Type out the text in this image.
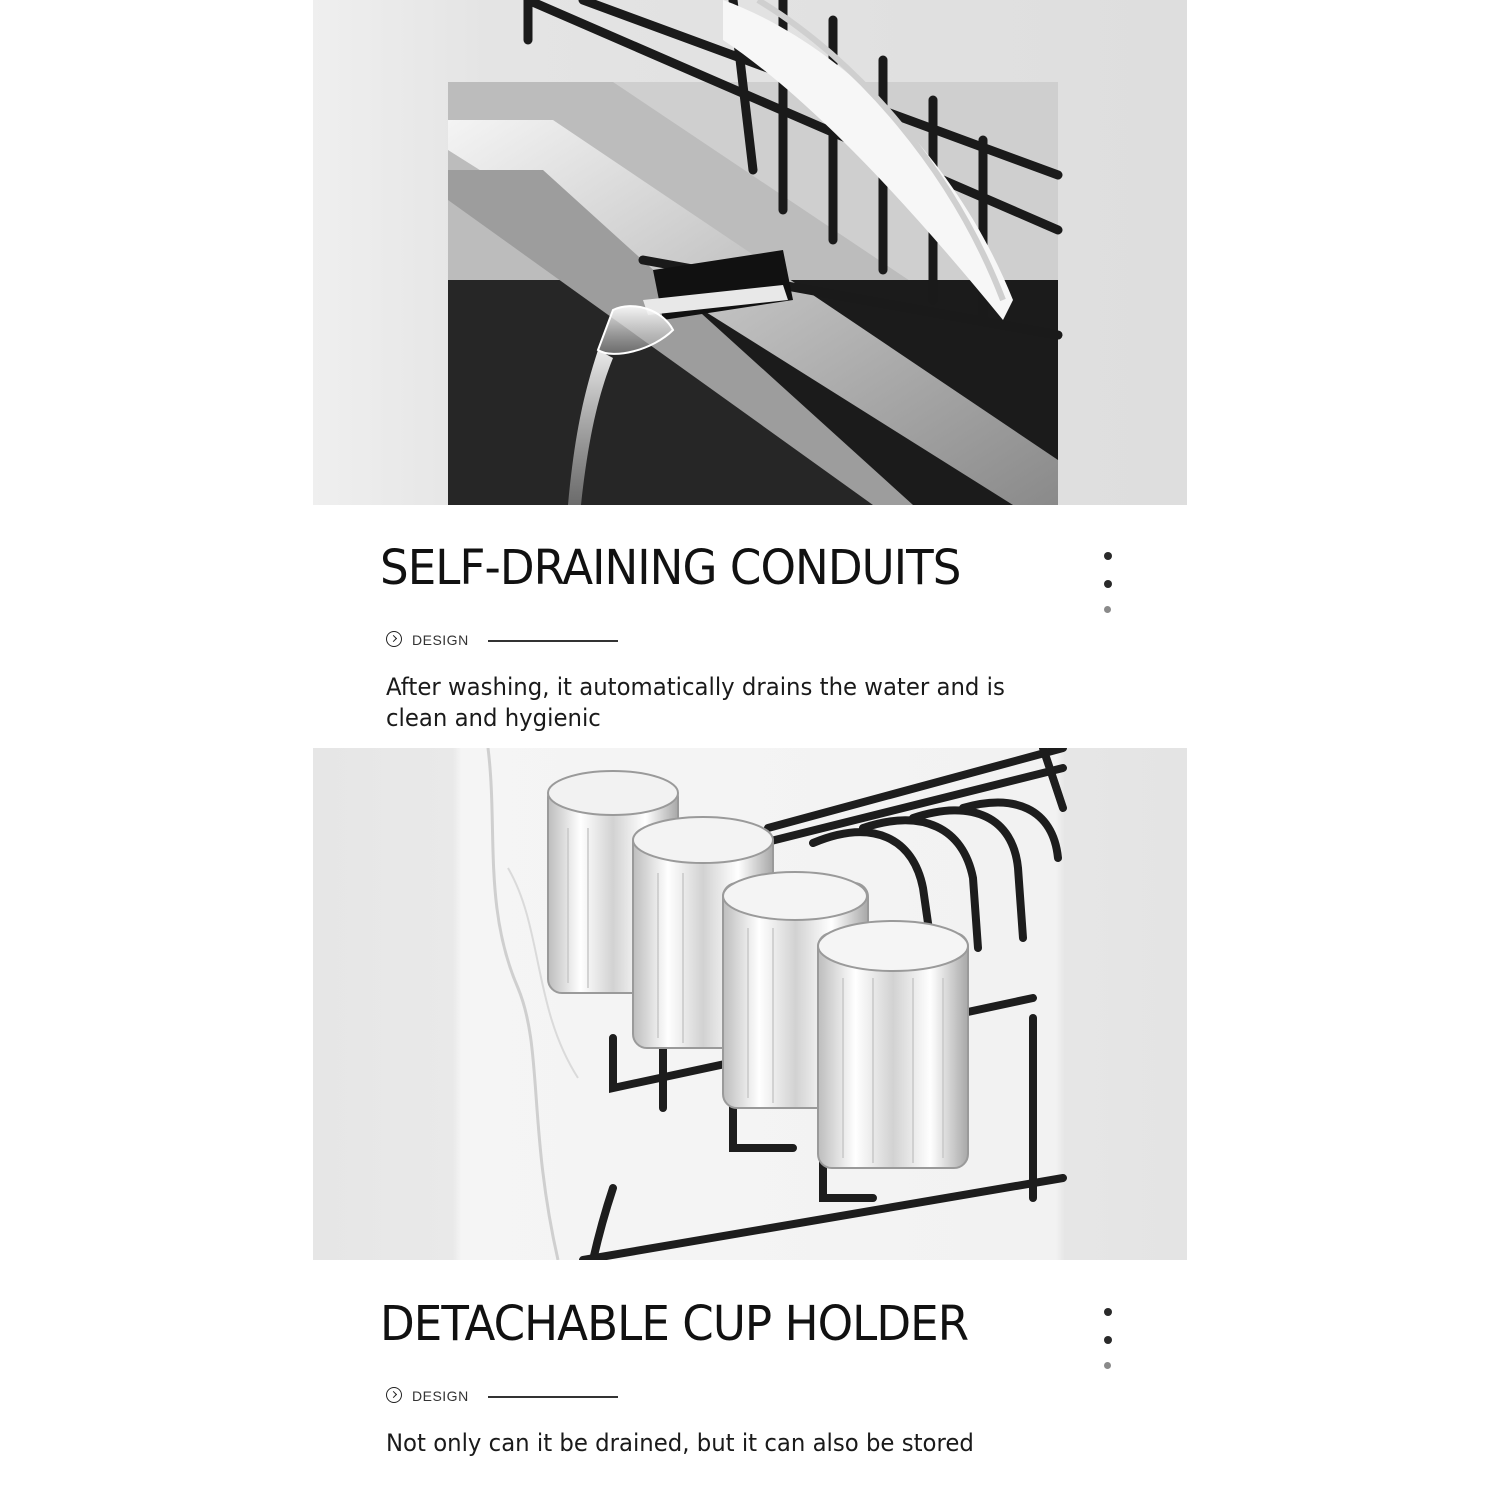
SELF-DRAINING CONDUITS
DESIGN

After washing, it automatically drains the water and is clean and hygienic

DETACHABLE CUP HOLDER
DESIGN

Not only can it be drained, but it can also be stored
